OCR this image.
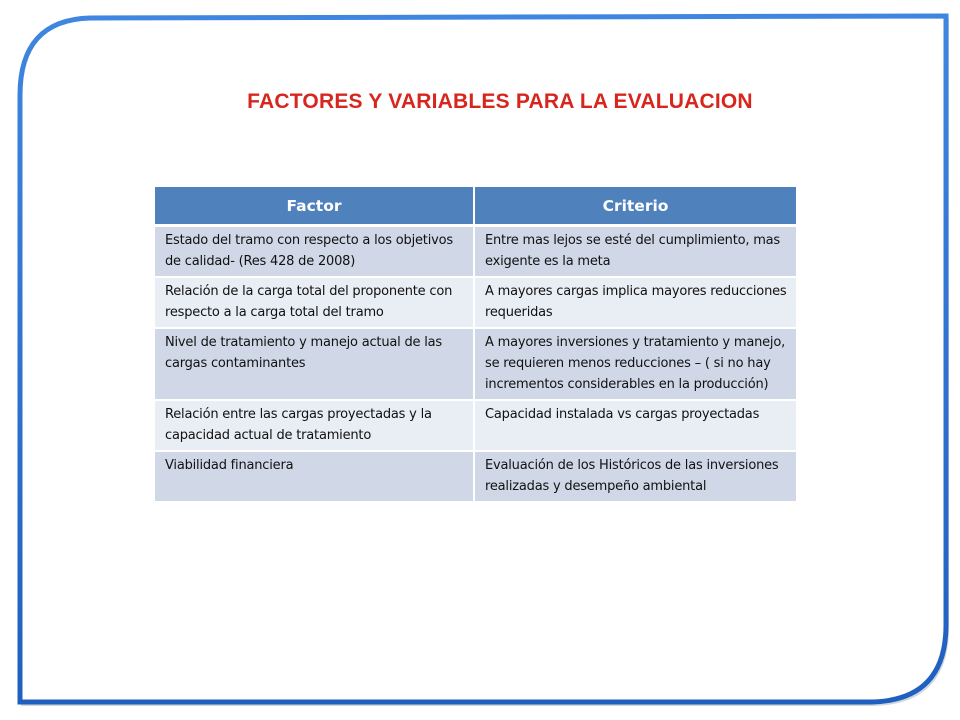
FACTORES Y VARIABLES PARA LA EVALUACION
Factor	Criterio
Estado del tramo con respecto a los objetivos de calidad- (Res 428 de 2008)	Entre mas lejos se esté del cumplimiento, mas exigente es la meta
Relación de la carga total del proponente con respecto a la carga total del tramo	A mayores cargas implica mayores reducciones requeridas
Nivel de tratamiento y manejo actual de las cargas contaminantes	A mayores inversiones y tratamiento y manejo, se requieren menos reducciones – ( si no hay incrementos considerables en la producción)
Relación entre las cargas proyectadas y la capacidad actual de tratamiento	Capacidad instalada vs cargas proyectadas
Viabilidad financiera	Evaluación de los Históricos de las inversiones realizadas y desempeño ambiental
